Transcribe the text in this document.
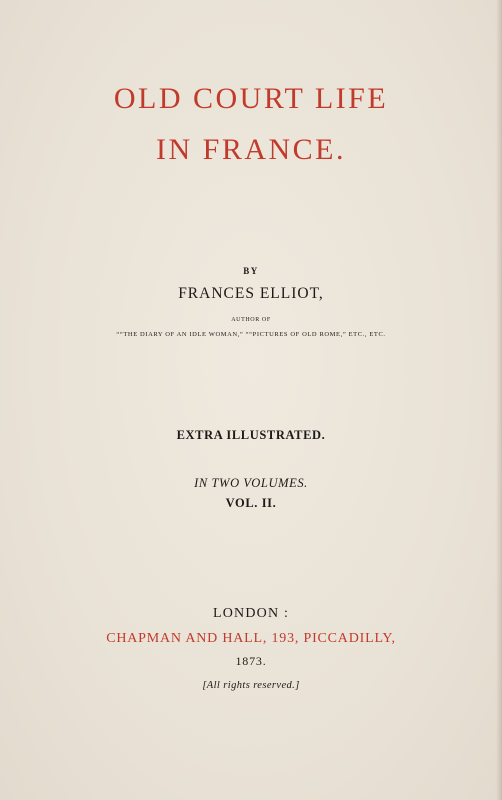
OLD COURT LIFE
IN FRANCE.
BY
FRANCES ELLIOT,
AUTHOR OF
““THE DIARY OF AN IDLE WOMAN,” ““PICTURES OF OLD ROME,” ETC., ETC.
EXTRA ILLUSTRATED.
IN TWO VOLUMES.
VOL. II.
LONDON :
CHAPMAN AND HALL, 193, PICCADILLY,
1873.
[All rights reserved.]
